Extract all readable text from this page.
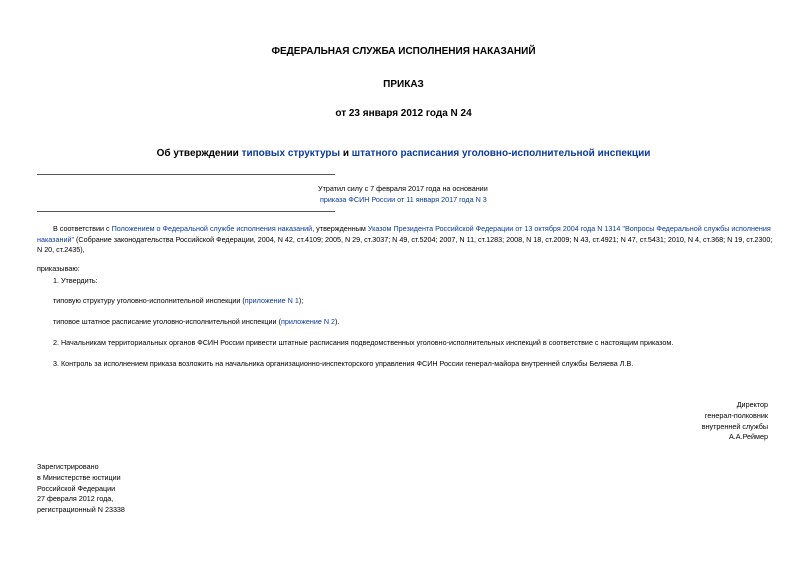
ФЕДЕРАЛЬНАЯ СЛУЖБА ИСПОЛНЕНИЯ НАКАЗАНИЙ
ПРИКАЗ
от 23 января 2012 года N 24
Об утверждении типовых структуры и штатного расписания уголовно-исполнительной инспекции

Утратил силу с 7 февраля 2017 года на основании

приказа ФСИН России от 11 января 2017 года N 3

В соответствии с Положением о Федеральной службе исполнения наказаний, утвержденным Указом Президента Российской Федерации от 13 октября 2004 года N 1314 "Вопросы Федеральной службы исполнения наказаний" (Собрание законодательства Российской Федерации, 2004, N 42, ст.4109; 2005, N 29, ст.3037; N 49, ст.5204; 2007, N 11, ст.1283; 2008, N 18, ст.2009; N 43, ст.4921; N 47, ст.5431; 2010, N 4, ст.368; N 19, ст.2300; N 20, ст.2435),
приказываю:
1. Утвердить:
типовую структуру уголовно-исполнительной инспекции (приложение N 1);
типовое штатное расписание уголовно-исполнительной инспекции (приложение N 2).
2. Начальникам территориальных органов ФСИН России привести штатные расписания подведомственных уголовно-исполнительных инспекций в соответствие с настоящим приказом.
3. Контроль за исполнением приказа возложить на начальника организационно-инспекторского управления ФСИН России генерал-майора внутренней службы Беляева Л.В.

Директор

генерал-полковник

внутренней службы

А.А.Реймер

Зарегистрировано

в Министерстве юстиции

Российской Федерации

27 февраля 2012 года,

регистрационный N 23338
